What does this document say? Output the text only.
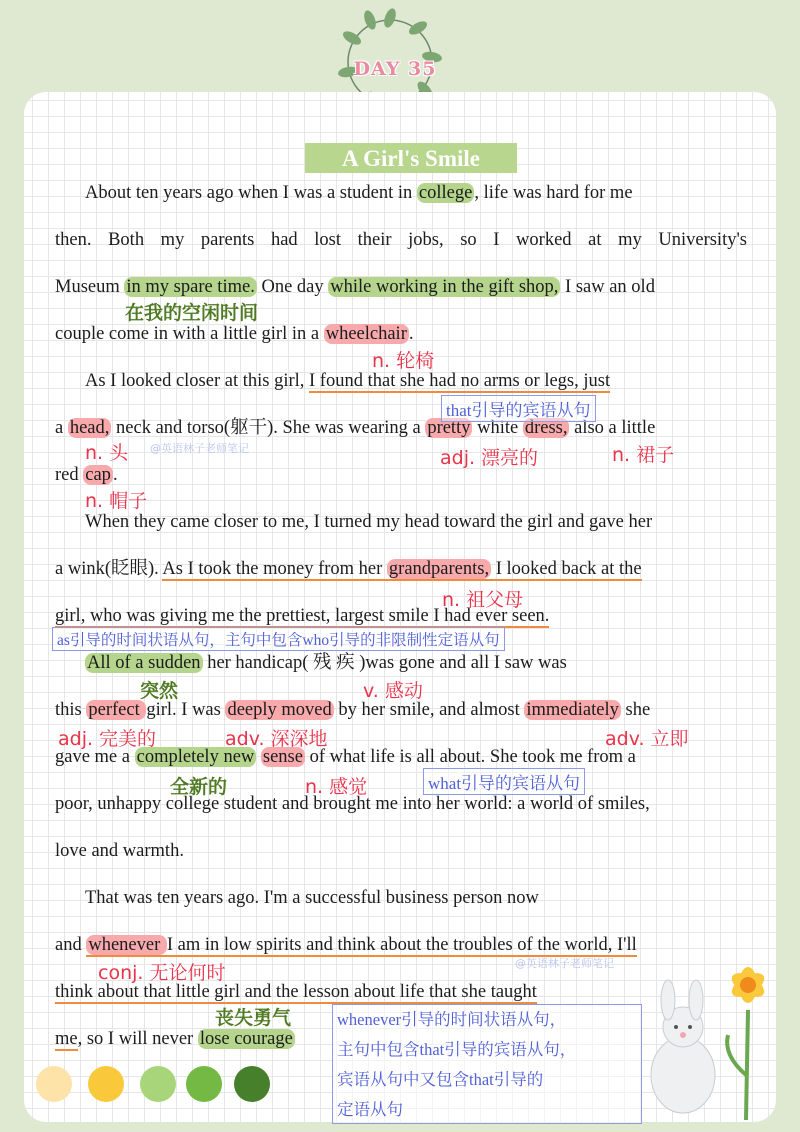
DAY 35
A Girl's Smile
About ten years ago when I was a student in college , life was hard for me
then. Both my parents had lost their jobs, so I worked at my University's
Museum in my spare time. One day while working in the gift shop, I saw an old
couple come in with a little girl in a wheelchair .
As I looked closer at this girl, I found that she had no arms or legs, just
a head, neck and torso(躯干). She was wearing a pretty white dress, also a little
red cap .
When they came closer to me, I turned my head toward the girl and gave her
a wink(眨眼). As I took the money from her grandparents, I looked back at the
girl, who was giving me the prettiest, largest smile I had ever seen.
All of a sudden her handicap( 残 疾 )was gone and all I saw was
this perfect girl. I was deeply moved by her smile, and almost immediately she
gave me a completely new sense of what life is all about. She took me from a
poor, unhappy college student and brought me into her world: a world of smiles,
love and warmth.
That was ten years ago. I'm a successful business person now
and whenever I am in low spirits and think about the troubles of the world, I'll
think about that little girl and the lesson about life that she taught
me, so I will never lose courage
在我的空闲时间
n. 轮椅
that引导的宾语从句
n. 头 @英语林子老师笔记	adj. 漂亮的	n. 裙子
n. 帽子
n. 祖父母
as引导的时间状语从句，主句中包含who引导的非限制性定语从句
突然	v. 感动
adj. 完美的	adv. 深深地	adv. 立即
全新的	n. 感觉	what引导的宾语从句
@英语林子老师笔记
conj. 无论何时
丧失勇气	whenever引导的时间状语从句，
主句中包含that引导的宾语从句，
宾语从句中又包含that引导的
定语从句
